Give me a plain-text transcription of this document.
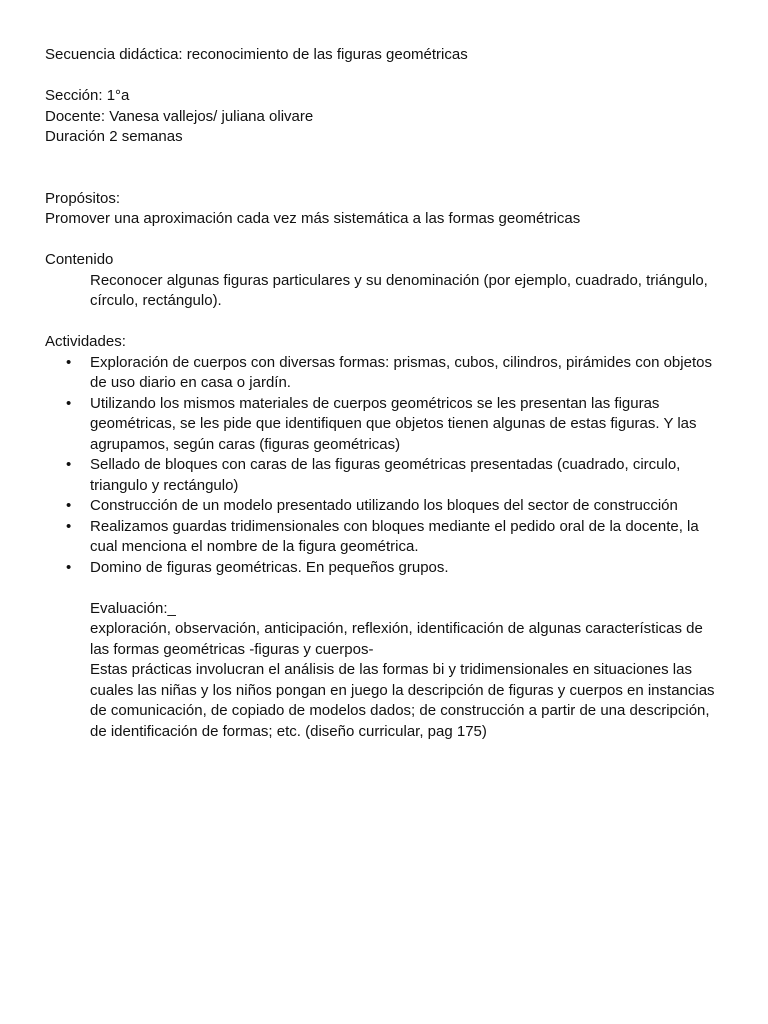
Secuencia didáctica: reconocimiento de las figuras geométricas

Sección: 1°a

Docente: Vanesa vallejos/ juliana olivare

Duración 2 semanas

Propósitos:

Promover una aproximación cada vez más sistemática a las formas geométricas

Contenido

Reconocer algunas figuras particulares y su denominación (por ejemplo, cuadrado, triángulo, círculo, rectángulo).

Actividades:

• Exploración de cuerpos con diversas formas: prismas, cubos, cilindros, pirámides con objetos de uso diario en casa o jardín.
• Utilizando los mismos materiales de cuerpos geométricos se les presentan las figuras geométricas, se les pide que identifiquen que objetos tienen algunas de estas figuras. Y las agrupamos, según caras (figuras geométricas)
• Sellado de bloques con caras de las figuras geométricas presentadas (cuadrado, circulo, triangulo y rectángulo)
• Construcción de un modelo presentado utilizando los bloques del sector de construcción
• Realizamos guardas tridimensionales con bloques mediante el pedido oral de la docente, la cual menciona el nombre de la figura geométrica.
• Domino de figuras geométricas. En pequeños grupos.

Evaluación:_

exploración, observación, anticipación, reflexión, identificación de algunas características de las formas geométricas -figuras y cuerpos-

Estas prácticas involucran el análisis de las formas bi y tridimensionales en situaciones las cuales las niñas y los niños pongan en juego la descripción de figuras y cuerpos en instancias de comunicación, de copiado de modelos dados; de construcción a partir de una descripción, de identificación de formas; etc. (diseño curricular, pag 175)
